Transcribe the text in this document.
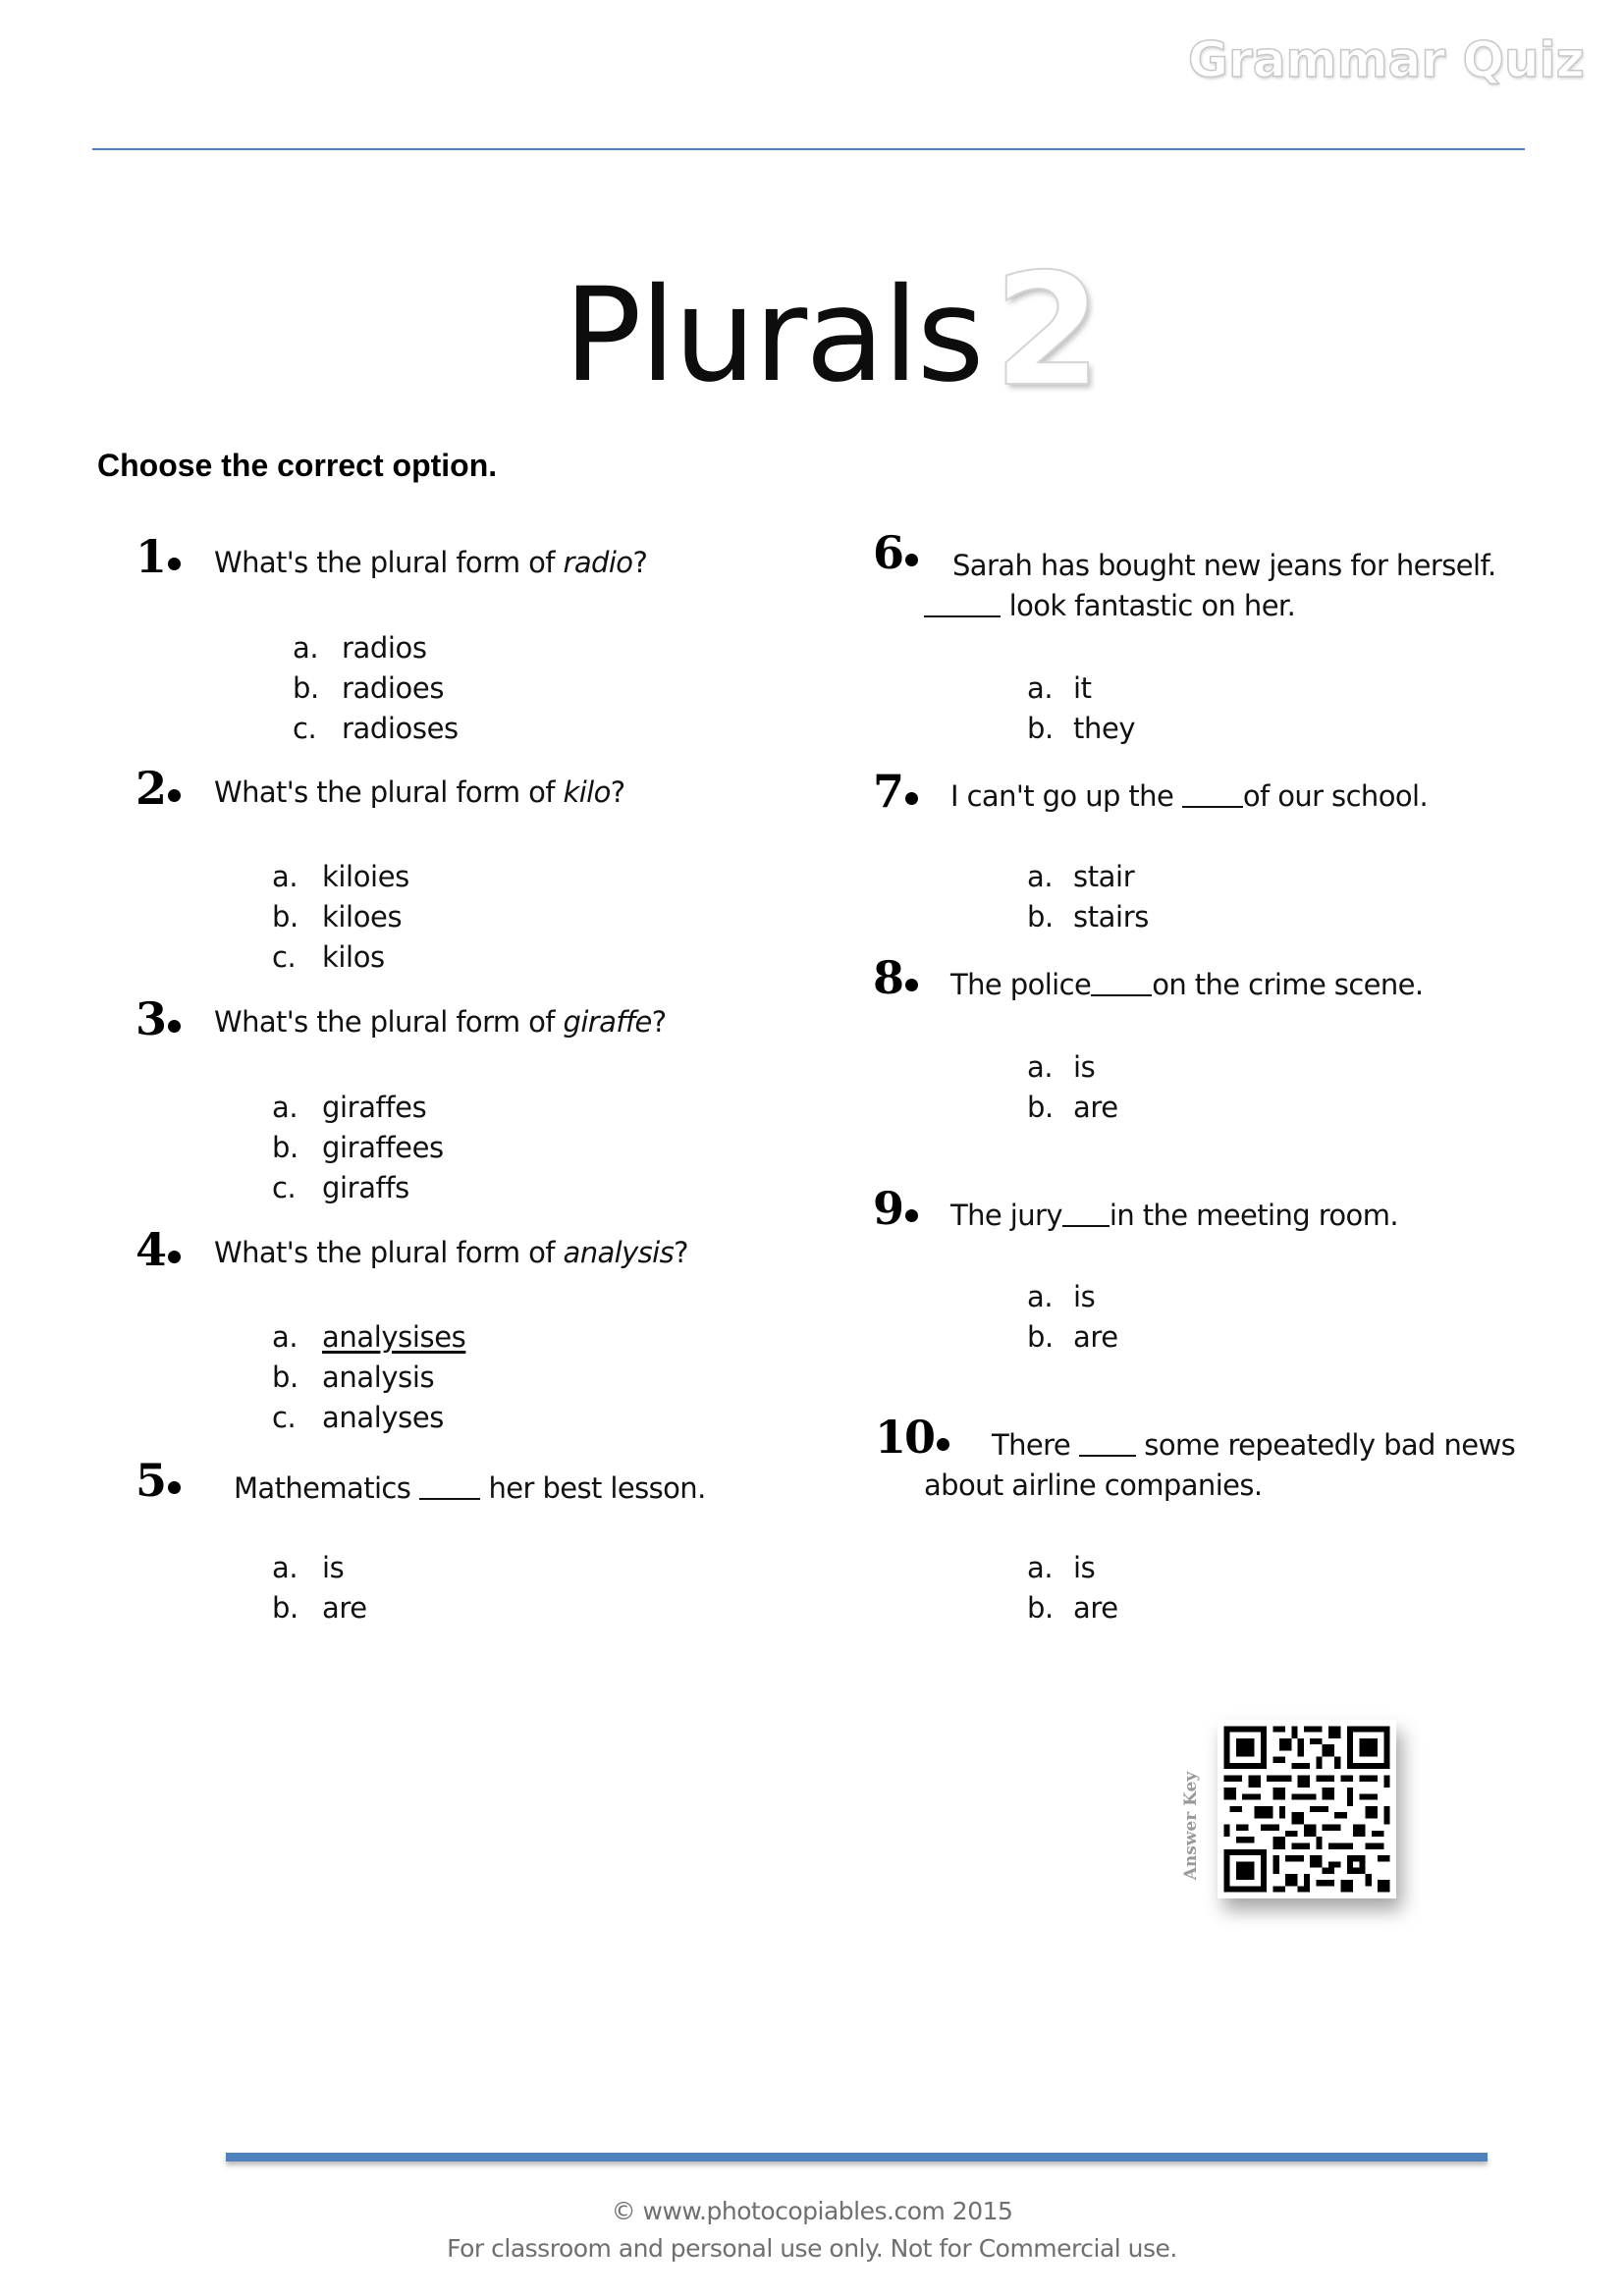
Grammar Quiz
Plurals 2
Choose the correct option.
1	What's the plural form of radio?
a. radios
b. radioes
c. radioses
2	What's the plural form of kilo?
a. kiloies
b. kiloes
c. kilos
3	What's the plural form of giraffe?
a. giraffes
b. giraffees
c. giraffs
4	What's the plural form of analysis?
a. analysises
b. analysis
c. analyses
5	Mathematics  her best lesson.
a. is
b. are
6	Sarah has bought new jeans for herself.
look fantastic on her.
a. it
b. they
7	I can't go up the of our school.
a. stair
b. stairs
8	The police on the crime scene.
a. is
b. are
9	The jury in the meeting room.
a. is
b. are
10	There  some repeatedly bad news
about airline companies.
a. is
b. are
Answer Key
© www.photocopiables.com 2015
For classroom and personal use only. Not for Commercial use.
